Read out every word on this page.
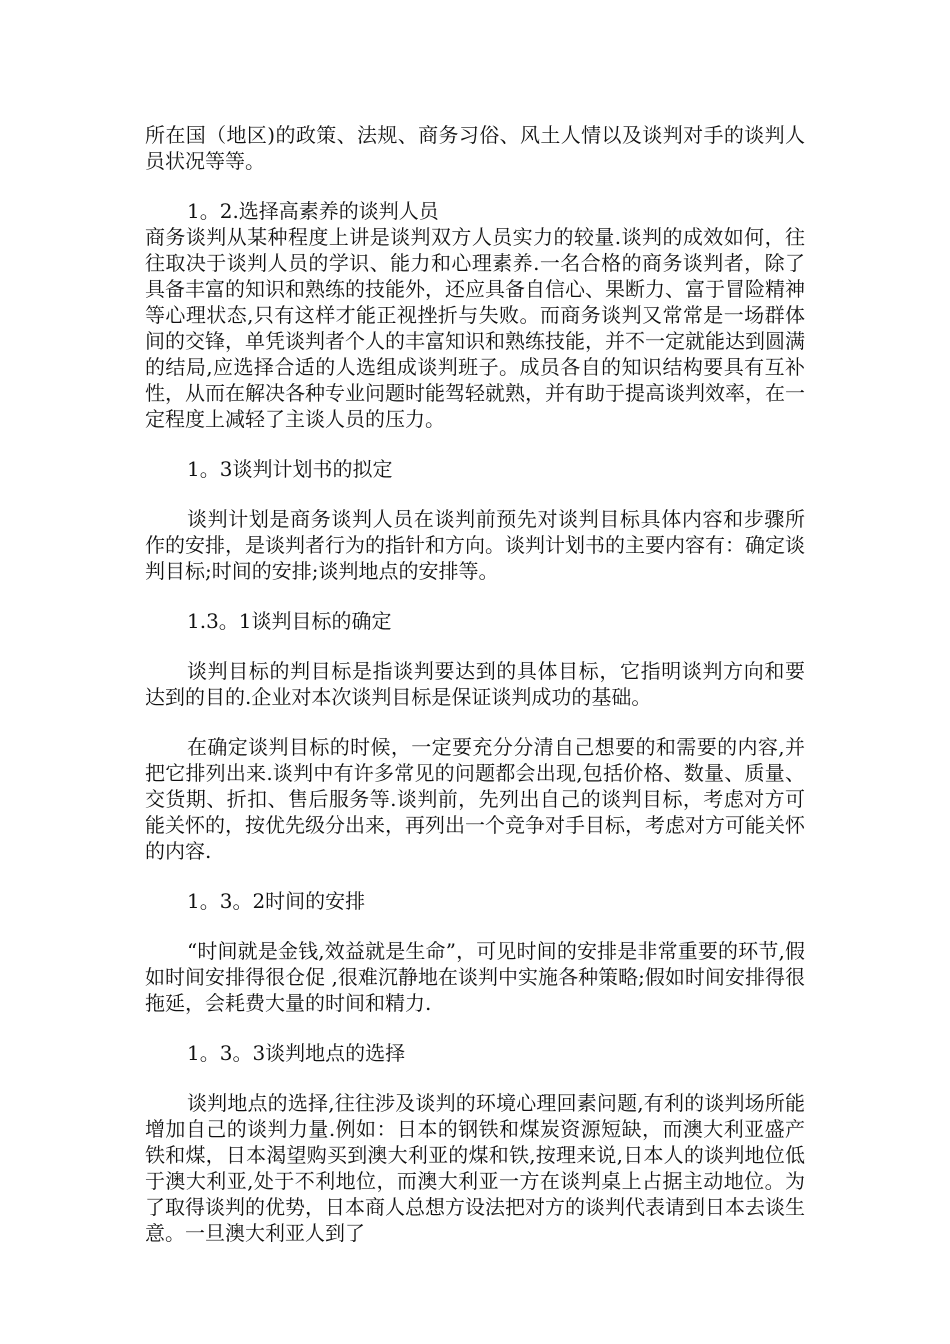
所在国（地区)的政策、法规、商务习俗、风土人情以及谈判对手的谈判人员状况等等。

1。2.选择高素养的谈判人员

商务谈判从某种程度上讲是谈判双方人员实力的较量.谈判的成效如何，往往取决于谈判人员的学识、能力和心理素养.一名合格的商务谈判者，除了具备丰富的知识和熟练的技能外，还应具备自信心、果断力、富于冒险精神等心理状态,只有这样才能正视挫折与失败。而商务谈判又常常是一场群体间的交锋，单凭谈判者个人的丰富知识和熟练技能，并不一定就能达到圆满的结局,应选择合适的人选组成谈判班子。成员各自的知识结构要具有互补性，从而在解决各种专业问题时能驾轻就熟，并有助于提高谈判效率，在一定程度上减轻了主谈人员的压力。

1。3谈判计划书的拟定

谈判计划是商务谈判人员在谈判前预先对谈判目标具体内容和步骤所作的安排，是谈判者行为的指针和方向。谈判计划书的主要内容有：确定谈判目标;时间的安排;谈判地点的安排等。

1.3。1谈判目标的确定

谈判目标的判目标是指谈判要达到的具体目标，它指明谈判方向和要达到的目的.企业对本次谈判目标是保证谈判成功的基础。

在确定谈判目标的时候，一定要充分分清自己想要的和需要的内容,并把它排列出来.谈判中有许多常见的问题都会出现,包括价格、数量、质量、交货期、折扣、售后服务等.谈判前，先列出自己的谈判目标，考虑对方可能关怀的，按优先级分出来，再列出一个竞争对手目标，考虑对方可能关怀的内容.

1。3。2时间的安排

“时间就是金钱,效益就是生命”，可见时间的安排是非常重要的环节,假如时间安排得很仓促 ,很难沉静地在谈判中实施各种策略;假如时间安排得很拖延，会耗费大量的时间和精力.

1。3。3谈判地点的选择

谈判地点的选择,往往涉及谈判的环境心理回素问题,有利的谈判场所能增加自己的谈判力量.例如：日本的钢铁和煤炭资源短缺，而澳大利亚盛产铁和煤，日本渴望购买到澳大利亚的煤和铁,按理来说,日本人的谈判地位低于澳大利亚,处于不利地位，而澳大利亚一方在谈判桌上占据主动地位。为了取得谈判的优势，日本商人总想方设法把对方的谈判代表请到日本去谈生意。一旦澳大利亚人到了
